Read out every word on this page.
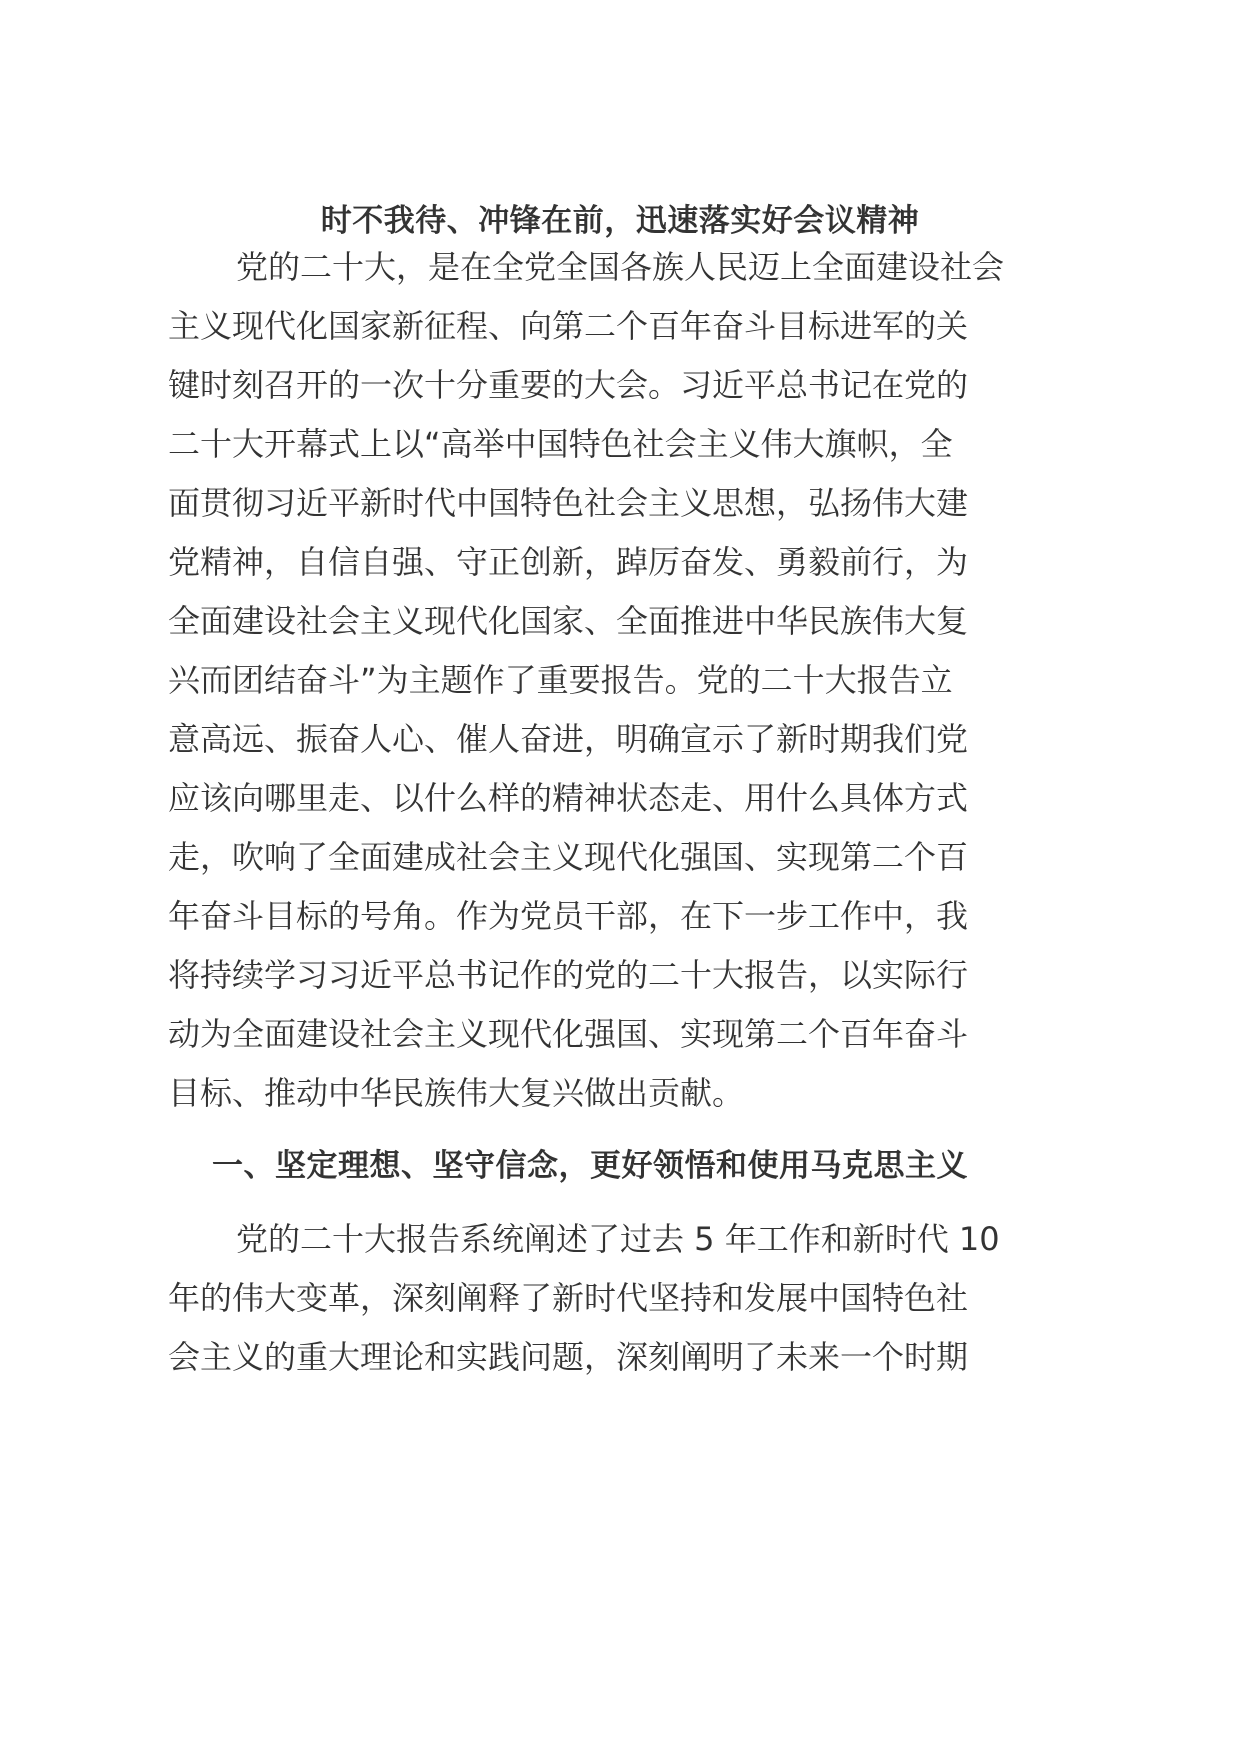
时不我待、冲锋在前，迅速落实好会议精神
党的二十大，是在全党全国各族人民迈上全面建设社会
主义现代化国家新征程、向第二个百年奋斗目标进军的关
键时刻召开的一次十分重要的大会。习近平总书记在党的
二十大开幕式上以“高举中国特色社会主义伟大旗帜，全
面贯彻习近平新时代中国特色社会主义思想，弘扬伟大建
党精神，自信自强、守正创新，踔厉奋发、勇毅前行，为
全面建设社会主义现代化国家、全面推进中华民族伟大复
兴而团结奋斗”为主题作了重要报告。党的二十大报告立
意高远、振奋人心、催人奋进，明确宣示了新时期我们党
应该向哪里走、以什么样的精神状态走、用什么具体方式
走，吹响了全面建成社会主义现代化强国、实现第二个百
年奋斗目标的号角。作为党员干部，在下一步工作中，我
将持续学习习近平总书记作的党的二十大报告，以实际行
动为全面建设社会主义现代化强国、实现第二个百年奋斗
目标、推动中华民族伟大复兴做出贡献。
一、坚定理想、坚守信念，更好领悟和使用马克思主义
党的二十大报告系统阐述了过去 5 年工作和新时代 10
年的伟大变革，深刻阐释了新时代坚持和发展中国特色社
会主义的重大理论和实践问题，深刻阐明了未来一个时期
